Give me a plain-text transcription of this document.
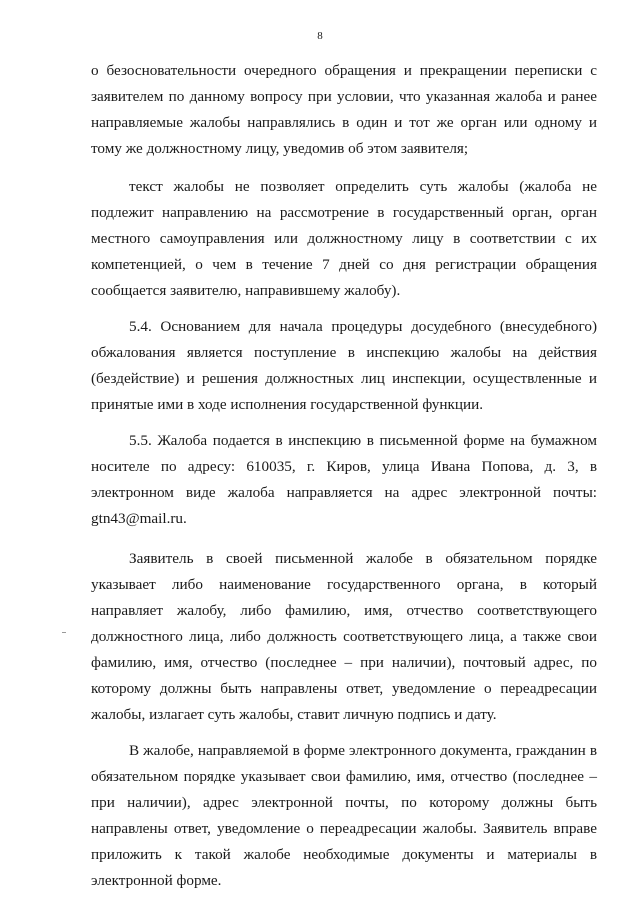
8

о безосновательности очередного обращения и прекращении переписки с заявителем по данному вопросу при условии, что указанная жалоба и ранее направляемые жалобы направлялись в один и тот же орган или одному и тому же должностному лицу, уведомив об этом заявителя;

текст жалобы не позволяет определить суть жалобы (жалоба не подлежит направлению на рассмотрение в государственный орган, орган местного самоуправления или должностному лицу в соответствии с их компетенцией, о чем в течение 7 дней со дня регистрации обращения сообщается заявителю, направившему жалобу).

5.4. Основанием для начала процедуры досудебного (внесудебного) обжалования является поступление в инспекцию жалобы на действия (бездействие) и решения должностных лиц инспекции, осуществленные и принятые ими в ходе исполнения государственной функции.

5.5. Жалоба подается в инспекцию в письменной форме на бумажном носителе по адресу: 610035, г. Киров, улица Ивана Попова, д. 3, в электронном виде жалоба направляется на адрес электронной почты: gtn43@mail.ru.

Заявитель в своей письменной жалобе в обязательном порядке указывает либо наименование государственного органа, в который направляет жалобу, либо фамилию, имя, отчество соответствующего должностного лица, либо должность соответствующего лица, а также свои фамилию, имя, отчество (последнее – при наличии), почтовый адрес, по которому должны быть направлены ответ, уведомление о переадресации жалобы, излагает суть жалобы, ставит личную подпись и дату.

В жалобе, направляемой в форме электронного документа, гражданин в обязательном порядке указывает свои фамилию, имя, отчество (последнее – при наличии), адрес электронной почты, по которому должны быть направлены ответ, уведомление о переадресации жалобы. Заявитель вправе приложить к такой жалобе необходимые документы и материалы в электронной форме.
